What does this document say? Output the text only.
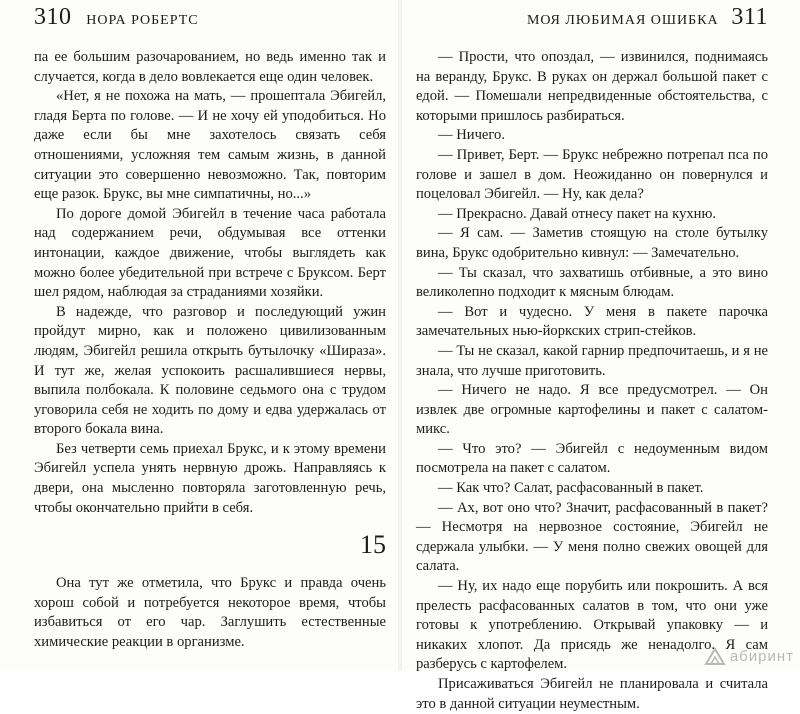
310 НОРА РОБЕРТС

па ее большим разочарованием, но ведь именно так и случается, когда в дело вовлекается еще один человек.

«Нет, я не похожа на мать, — прошептала Эбигейл, гладя Берта по голове. — И не хочу ей уподобиться. Но даже если бы мне захотелось связать себя отношениями, усложняя тем самым жизнь, в данной ситуации это совершенно невозможно. Так, повторим еще разок. Брукс, вы мне симпатичны, но...»

По дороге домой Эбигейл в течение часа работала над содержанием речи, обдумывая все оттенки интонации, каждое движение, чтобы выглядеть как можно более убедительной при встрече с Бруксом. Берт шел рядом, наблюдая за страданиями хозяйки.

В надежде, что разговор и последующий ужин пройдут мирно, как и положено цивилизованным людям, Эбигейл решила открыть бутылочку «Шираза». И тут же, желая успокоить расшалившиеся нервы, выпила полбокала. К половине седьмого она с трудом уговорила себя не ходить по дому и едва удержалась от второго бокала вина.

Без четверти семь приехал Брукс, и к этому времени Эбигейл успела унять нервную дрожь. Направляясь к двери, она мысленно повторяла заготовленную речь, чтобы окончательно прийти в себя.

15

Она тут же отметила, что Брукс и правда очень хорош собой и потребуется некоторое время, чтобы избавиться от его чар. Заглушить естественные химические реакции в организме.

МОЯ ЛЮБИМАЯ ОШИБКА 311

— Прости, что опоздал, — извинился, поднимаясь на веранду, Брукс. В руках он держал большой пакет с едой. — Помешали непредвиденные обстоятельства, с которыми пришлось разбираться.

— Ничего.

— Привет, Берт. — Брукс небрежно потрепал пса по голове и зашел в дом. Неожиданно он повернулся и поцеловал Эбигейл. — Ну, как дела?

— Прекрасно. Давай отнесу пакет на кухню.

— Я сам. — Заметив стоящую на столе бутылку вина, Брукс одобрительно кивнул: — Замечательно.

— Ты сказал, что захватишь отбивные, а это вино великолепно подходит к мясным блюдам.

— Вот и чудесно. У меня в пакете парочка замечательных нью-йоркских стрип-стейков.

— Ты не сказал, какой гарнир предпочитаешь, и я не знала, что лучше приготовить.

— Ничего не надо. Я все предусмотрел. — Он извлек две огромные картофелины и пакет с салатом-микс.

— Что это? — Эбигейл с недоуменным видом посмотрела на пакет с салатом.

— Как что? Салат, расфасованный в пакет.

— Ах, вот оно что? Значит, расфасованный в пакет? — Несмотря на нервозное состояние, Эбигейл не сдержала улыбки. — У меня полно свежих овощей для салата.

— Ну, их надо еще порубить или покрошить. А вся прелесть расфасованных салатов в том, что они уже готовы к употреблению. Открывай упаковку — и никаких хлопот. Да присядь же ненадолго. Я сам разберусь с картофелем.

Присаживаться Эбигейл не планировала и считала это в данной ситуации неуместным.

абиринт
